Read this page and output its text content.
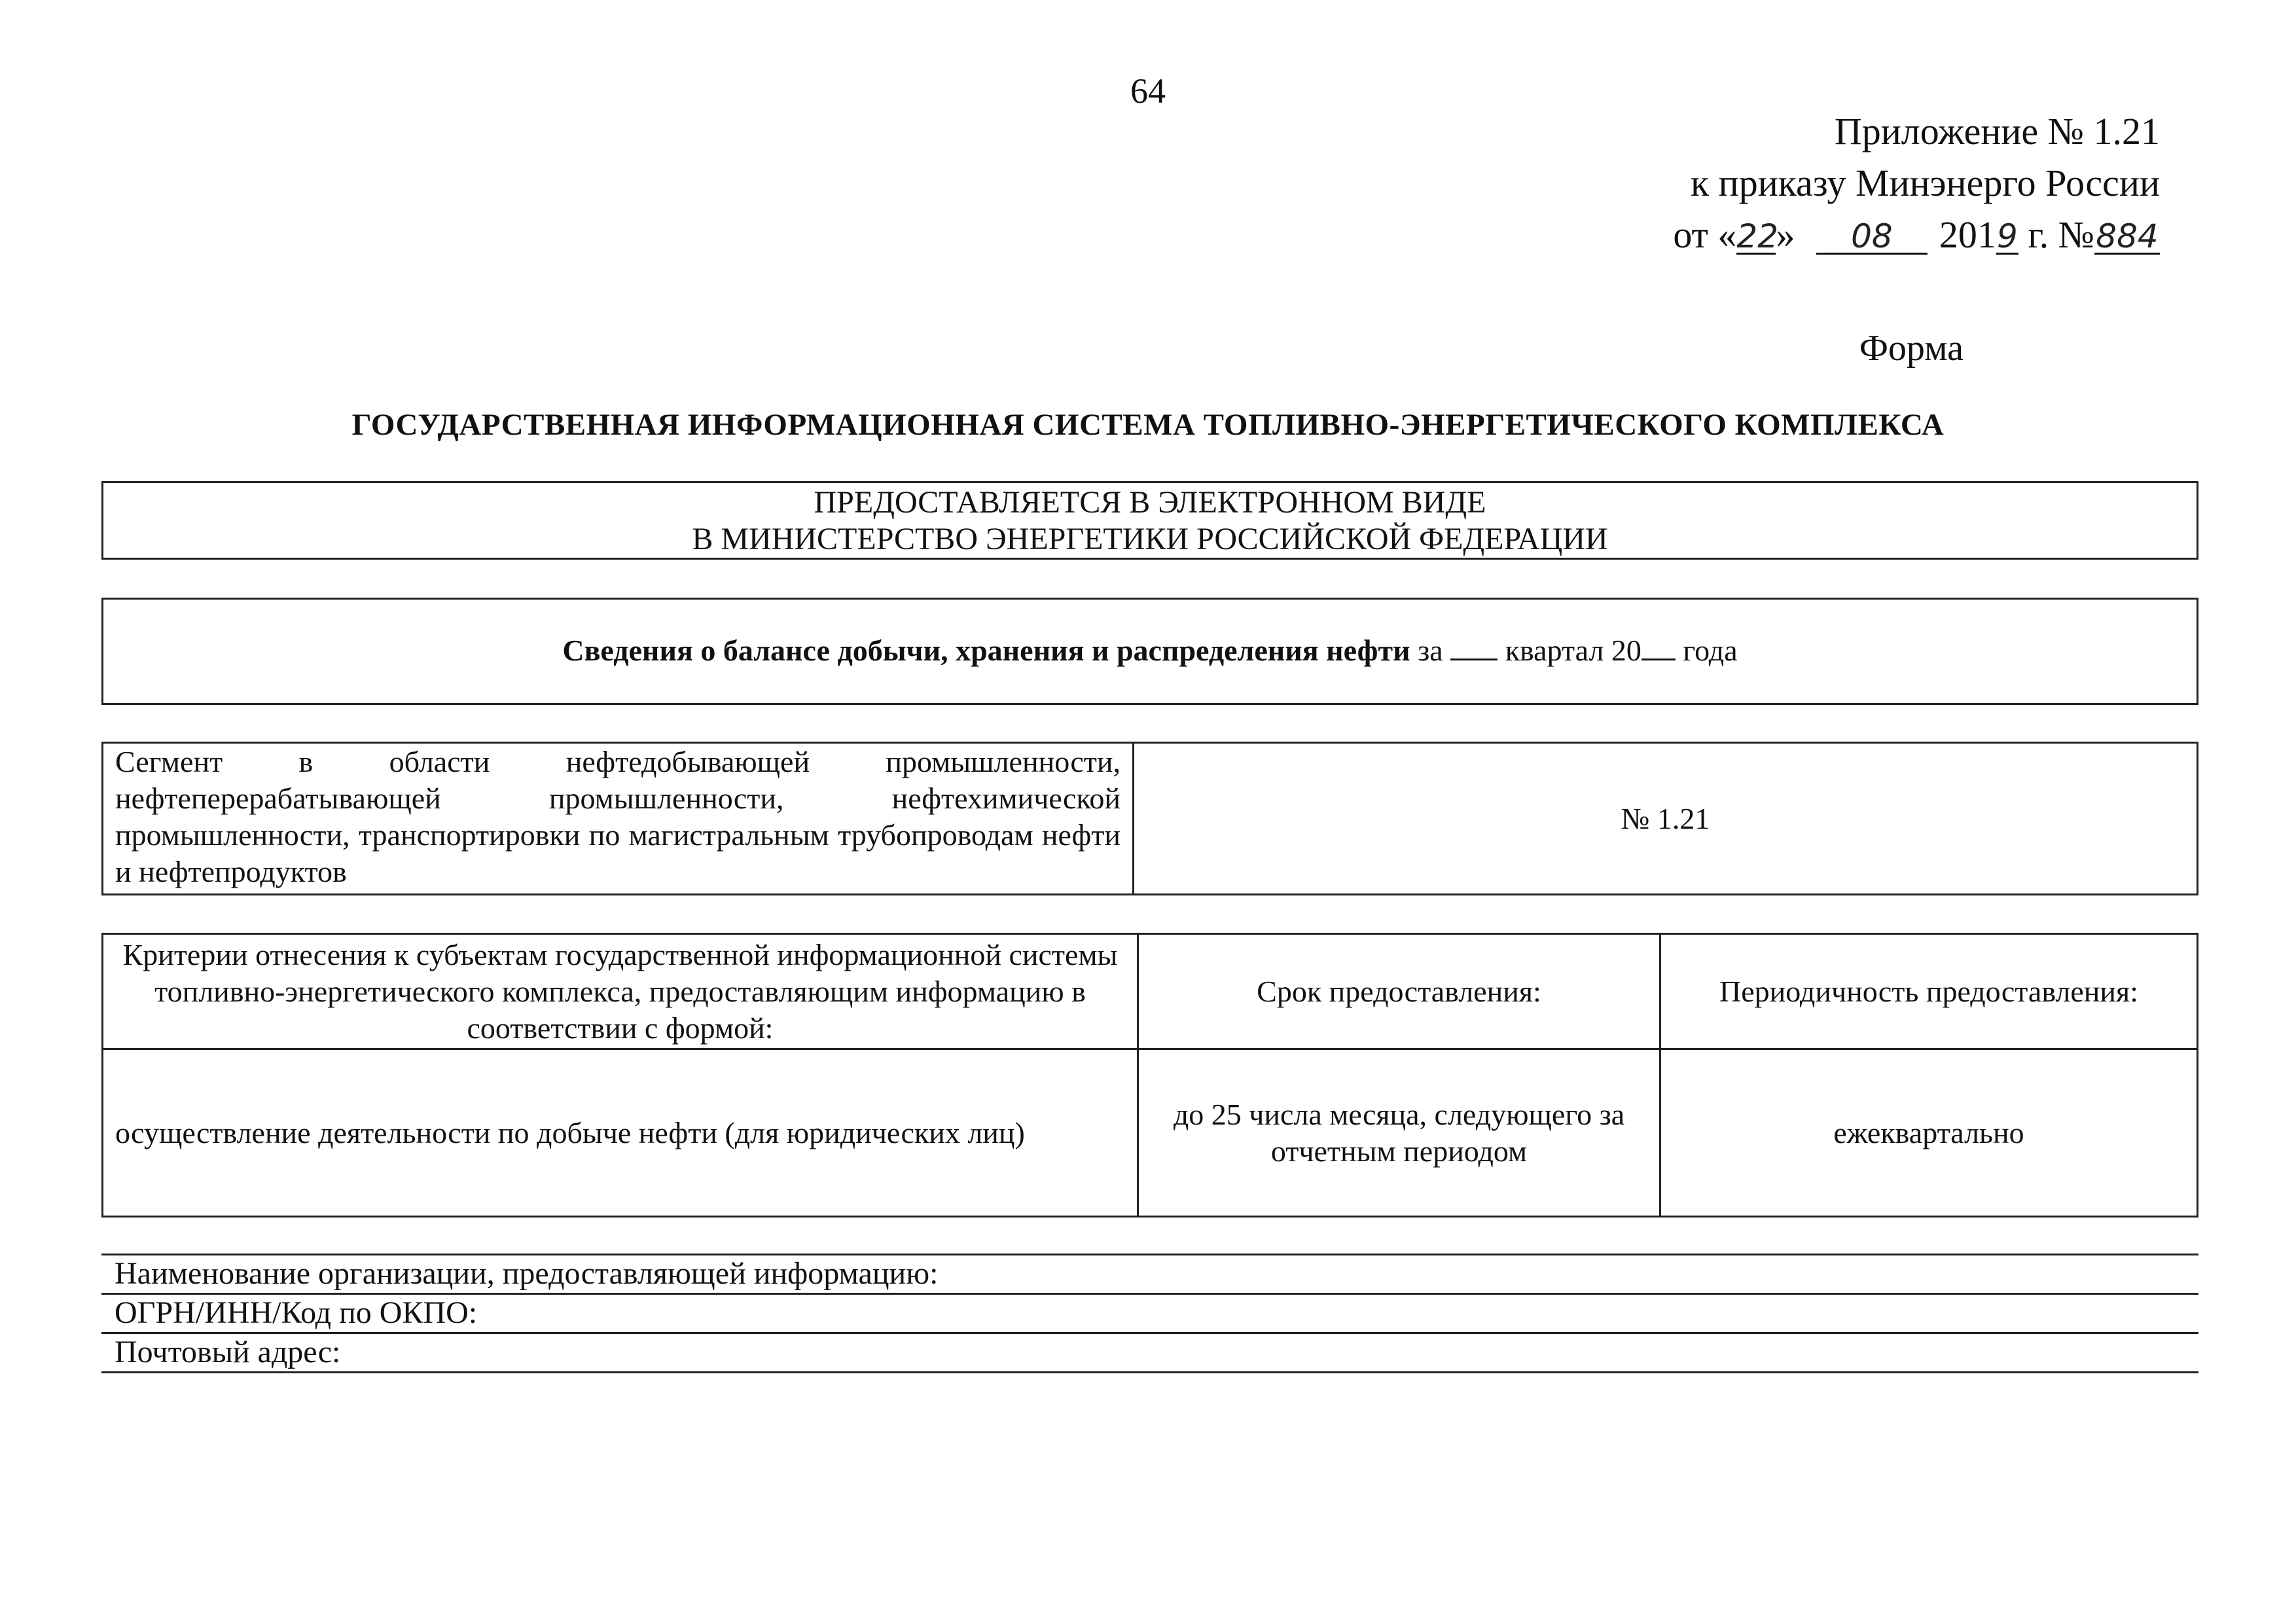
64
Приложение № 1.21
к приказу Минэнерго России
от «22» 08 2019 г. №884
Форма
ГОСУДАРСТВЕННАЯ ИНФОРМАЦИОННАЯ СИСТЕМА ТОПЛИВНО-ЭНЕРГЕТИЧЕСКОГО КОМПЛЕКСА
ПРЕДОСТАВЛЯЕТСЯ В ЭЛЕКТРОННОМ ВИДЕ
В МИНИСТЕРСТВО ЭНЕРГЕТИКИ РОССИЙСКОЙ ФЕДЕРАЦИИ
Сведения о балансе добычи, хранения и распределения нефти за квартал 20 года
Сегмент в области нефтедобывающей промышленности, нефтеперерабатывающей промышленности, нефтехимической промышленности, транспортировки по магистральным трубопроводам нефти и нефтепродуктов	№ 1.21
Критерии отнесения к субъектам государственной информационной системы топливно-энергетического комплекса, предоставляющим информацию в соответствии с формой:	Срок предоставления:	Периодичность предоставления:
осуществление деятельности по добыче нефти (для юридических лиц)	до 25 числа месяца, следующего за отчетным периодом	ежеквартально
Наименование организации, предоставляющей информацию:
ОГРН/ИНН/Код по ОКПО:
Почтовый адрес:
